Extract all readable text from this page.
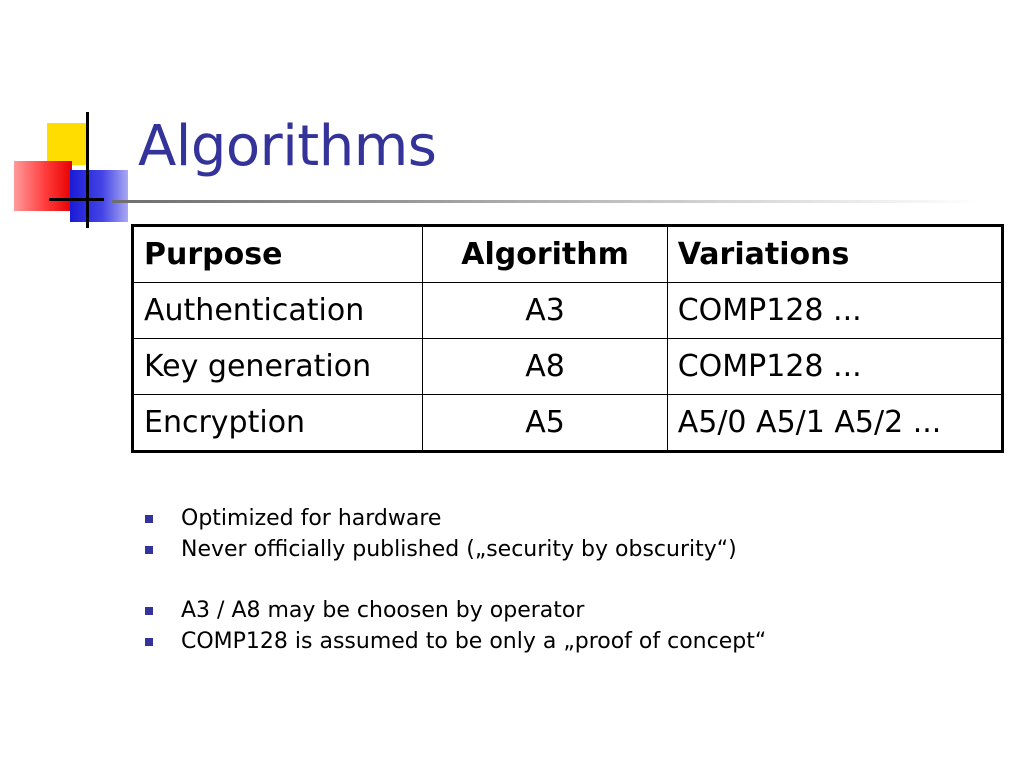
Algorithms
Purpose	Algorithm	Variations
Authentication	A3	COMP128 ...
Key generation	A8	COMP128 ...
Encryption	A5	A5/0 A5/1 A5/2 ...
Optimized for hardware
Never officially published („security by obscurity“)
A3 / A8 may be choosen by operator
COMP128 is assumed to be only a „proof of concept“
